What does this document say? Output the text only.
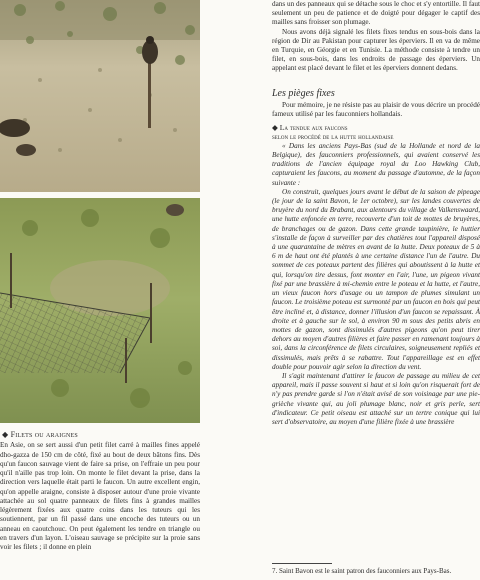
◆ Filets ou araignes

En Asie, on se sert aussi d'un petit filet carré à mailles fines appelé dho-gazza de 150 cm de côté, fixé au bout de deux bâtons fins. Dès qu'un faucon sauvage vient de faire sa prise, on l'effraie un peu pour qu'il n'aille pas trop loin. On monte le filet devant la prise, dans la direction vers laquelle était parti le faucon. Un autre excellent engin, qu'on appelle araigne, consiste à disposer autour d'une proie vivante attachée au sol quatre panneaux de filets fins à grandes mailles légèrement fixées aux quatre coins dans les tuteurs qui les soutiennent, par un fil passé dans une encoche des tuteurs ou un anneau en caoutchouc. On peut également les tendre en triangle ou en travers d'un layon. L'oiseau sauvage se précipite sur la proie sans voir les filets ; il donne en plein

dans un des panneaux qui se détache sous le choc et s'y entortille. Il faut seulement un peu de patience et de doigté pour dégager le captif des mailles sans froisser son plumage.

Nous avons déjà signalé les filets fixes tendus en sous-bois dans la région de Dir au Pakistan pour capturer les éperviers. Il en va de même en Turquie, en Géorgie et en Tunisie. La méthode consiste à tendre un filet, en sous-bois, dans les endroits de passage des éperviers. Un appelant est placé devant le filet et les éperviers donnent dedans.

Les pièges fixes

Pour mémoire, je ne résiste pas au plaisir de vous décrire un procédé fameux utilisé par les fauconniers hollandais.

◆ La tendue aux faucons
selon le procédé de la hutte hollandaise

« Dans les anciens Pays-Bas (sud de la Hollande et nord de la Belgique), des fauconniers professionnels, qui avaient conservé les traditions de l'ancien équipage royal du Loo Hawking Club, capturaient les faucons, au moment du passage d'automne, de la façon suivante :

On construit, quelques jours avant le début de la saison de pipeage (le jour de la saint Bavon, le 1er octobre), sur les landes couvertes de bruyère du nord du Brabant, aux alentours du village de Valkenswaard, une hutte enfoncée en terre, recouverte d'un toit de mottes de bruyères, de branchages ou de gazon. Dans cette grande taupinière, le huttier s'installe de façon à surveiller par des chatières tout l'appareil disposé à une quarantaine de mètres en avant de la hutte. Deux poteaux de 5 à 6 m de haut ont été plantés à une certaine distance l'un de l'autre. Du sommet de ces poteaux partent des filières qui aboutissent à la hutte et qui, lorsqu'on tire dessus, font monter en l'air, l'une, un pigeon vivant fixé par une brassière à mi-chemin entre le poteau et la hutte, et l'autre, un vieux faucon hors d'usage ou un tampon de plumes simulant un faucon. Le troisième poteau est surmonté par un faucon en bois qui peut être incliné et, à distance, donner l'illusion d'un faucon se repaissant. À droite et à gauche sur le sol, à environ 90 m sous des petits abris en mottes de gazon, sont dissimulés d'autres pigeons qu'on peut tirer dehors au moyen d'autres filières et faire passer en ramenant toujours à soi, dans la circonférence de filets circulaires, soigneusement repliés et dissimulés, mais prêts à se rabattre. Tout l'appareillage est en effet double pour pouvoir agir selon la direction du vent.

Il s'agit maintenant d'attirer le faucon de passage au milieu de cet appareil, mais il passe souvent si haut et si loin qu'on risquerait fort de n'y pas prendre garde si l'on n'était avisé de son voisinage par une pie-grièche vivante qui, au joli plumage blanc, noir et gris perle, sert d'indicateur. Ce petit oiseau est attaché sur un tertre conique qui lui sert d'observatoire, au moyen d'une filière fixée à une brassière

7. Saint Bavon est le saint patron des fauconniers aux Pays-Bas.
